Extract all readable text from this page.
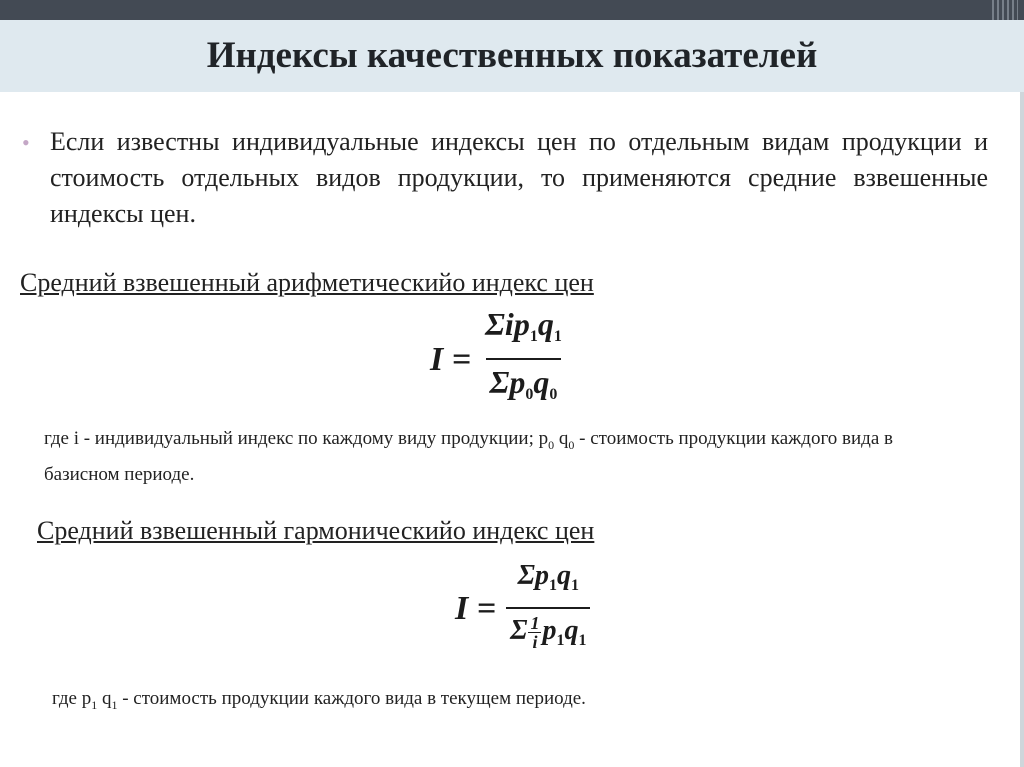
Индексы качественных показателей
• Если известны индивидуальные индексы цен по отдельным видам продукции и стоимость отдельных видов продукции, то применяются средние взвешенные индексы цен.

Средний взвешенный арифметическийо индекс цен
$I = \frac{\Sigma ip_1q_1}{\Sigma p_0q_0}$

где i - индивидуальный индекс по каждому виду продукции; $p_0$ $q_0$ - стоимость продукции каждого вида в базисном периоде.

Средний взвешенный гармоническийо индекс цен
$I = \frac{\Sigma p_1q_1}{\Sigma \frac{1}{i} p_1q_1}$

где $p_1$ $q_1$ - стоимость продукции каждого вида в текущем периоде.
